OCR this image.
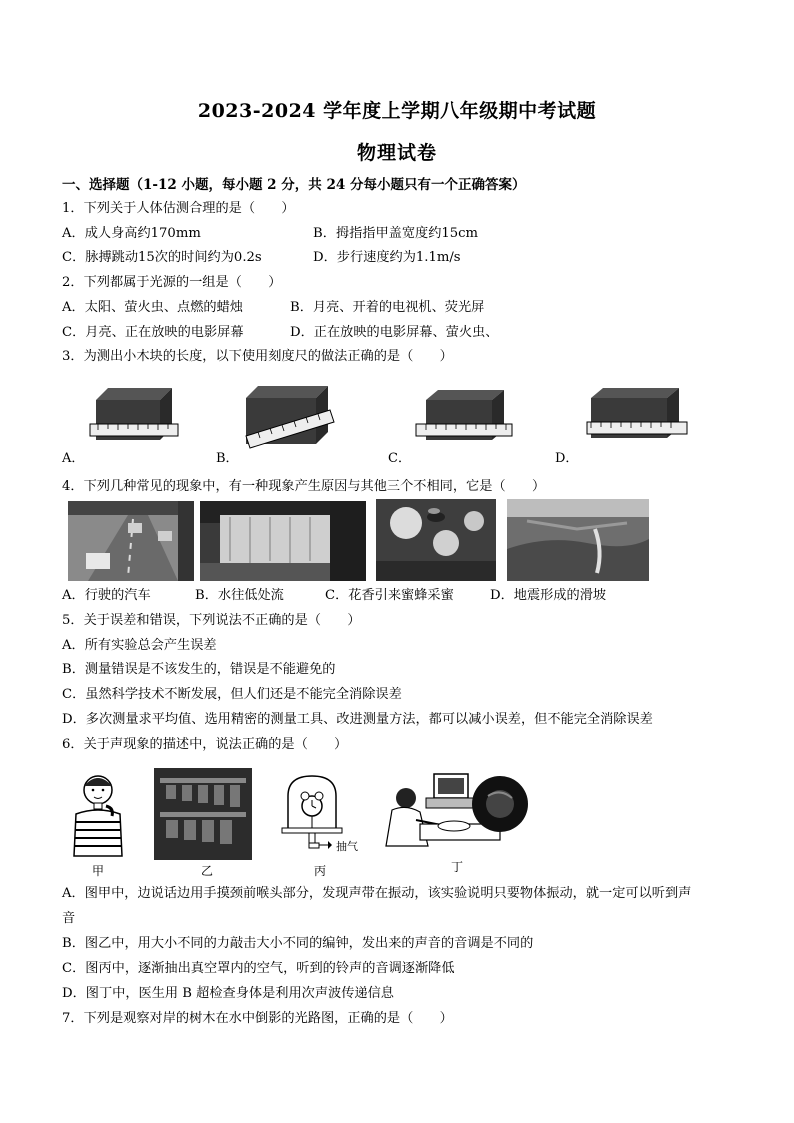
2023-2024 学年度上学期八年级期中考试题
物理试卷
一、选择题（1-12 小题，每小题 2 分，共 24 分每小题只有一个正确答案）
1．下列关于人体估测合理的是（　　）
A．成人身高约170mm	B．拇指指甲盖宽度约15cm
C．脉搏跳动15次的时间约为0.2s	D．步行速度约为1.1m/s
2．下列都属于光源的一组是（　　）
A．太阳、萤火虫、点燃的蜡烛	B．月亮、开着的电视机、荧光屏
C．月亮、正在放映的电影屏幕	D．正在放映的电影屏幕、萤火虫、
3．为测出小木块的长度，以下使用刻度尺的做法正确的是（　　）
A．	B．	C．	D．
4．下列几种常见的现象中，有一种现象产生原因与其他三个不相同，它是（　　）
A．行驶的汽车	B．水往低处流	C．花香引来蜜蜂采蜜	D．地震形成的滑坡
5．关于误差和错误，下列说法不正确的是（　　）
A．所有实验总会产生误差
B．测量错误是不该发生的，错误是不能避免的
C．虽然科学技术不断发展，但人们还是不能完全消除误差
D．多次测量求平均值、选用精密的测量工具、改进测量方法，都可以减小误差，但不能完全消除误差
6．关于声现象的描述中，说法正确的是（　　）
抽气
甲	乙	丙	丁
A．图甲中，边说话边用手摸颈前喉头部分，发现声带在振动，该实验说明只要物体振动，就一定可以听到声
音
B．图乙中，用大小不同的力敲击大小不同的编钟，发出来的声音的音调是不同的
C．图丙中，逐渐抽出真空罩内的空气，听到的铃声的音调逐渐降低
D．图丁中，医生用 B 超检查身体是利用次声波传递信息
7．下列是观察对岸的树木在水中倒影的光路图，正确的是（　　）
